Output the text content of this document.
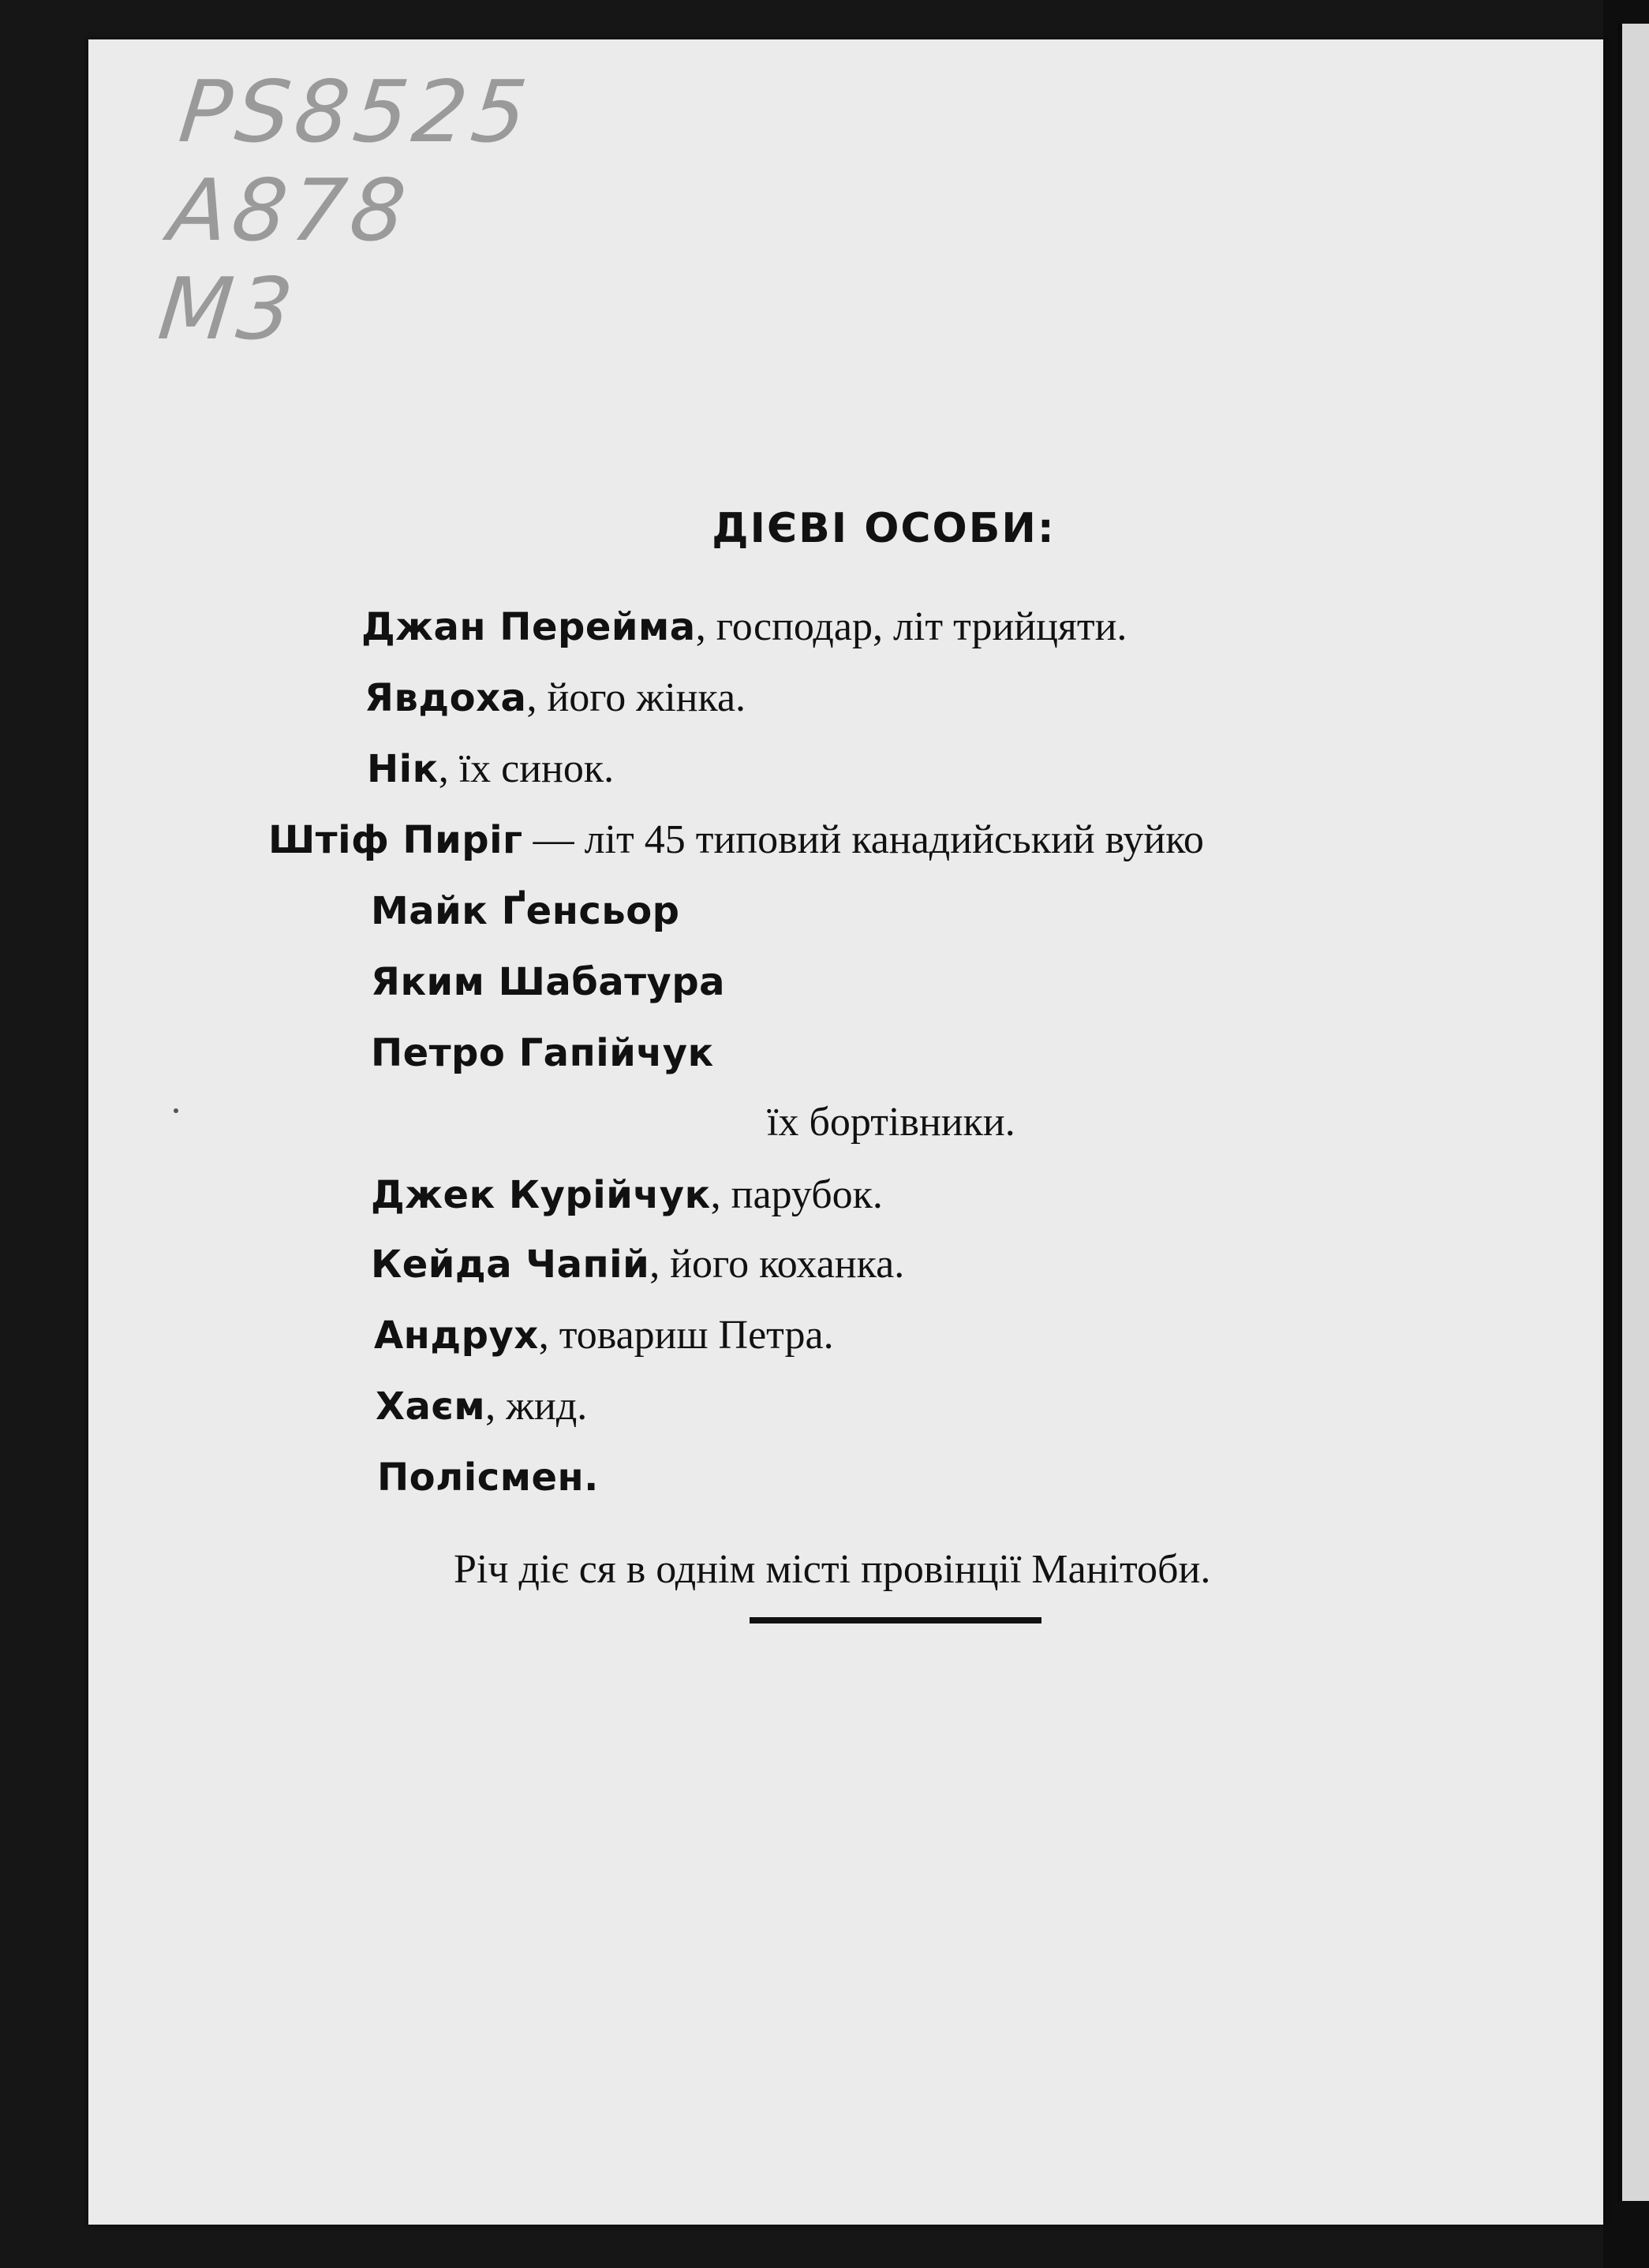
PS8525
A878
M3
ДІЄВІ ОСОБИ:
Джан Перейма, господар, літ трийцяти.
Явдоха, його жінка.
Нік, їх синок.
Штіф Пиріг — літ 45 типовий канадийський вуйко
Майк Ґенсьор
Яким Шабатура
Петро Гапійчук
їх бортівники.
Джек Курійчук, парубок.
Кейда Чапій, його коханка.
Андрух, товариш Петра.
Хаєм, жид.
Полісмен.
Річ діє ся в однім місті провінції Манітоби.
